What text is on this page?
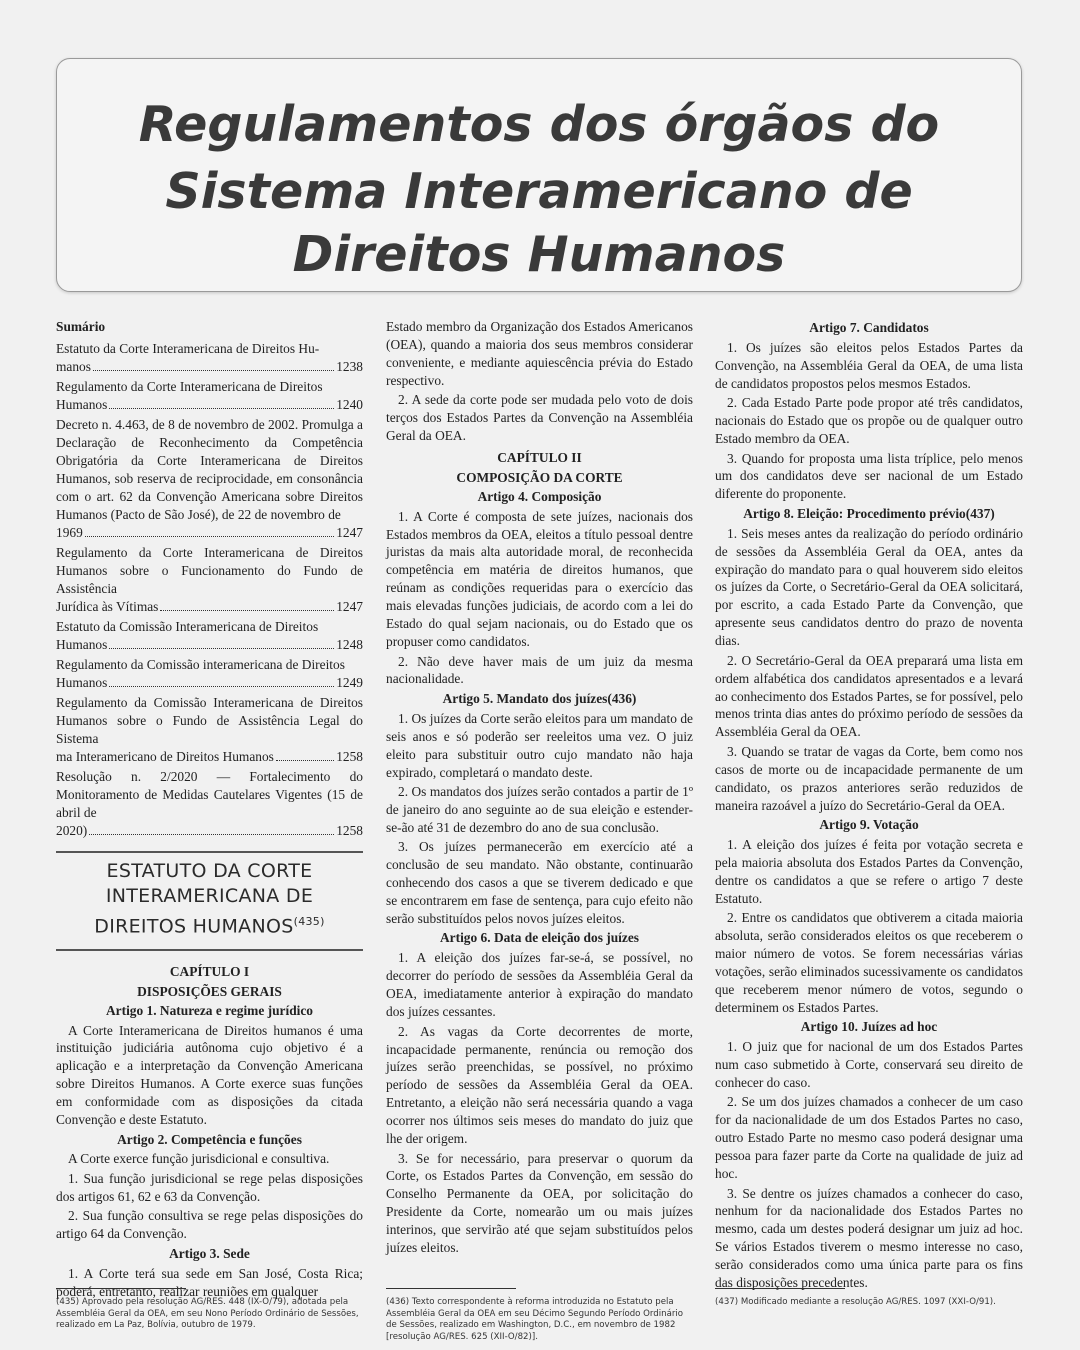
Regulamentos dos órgãos do
Sistema Interamericano de
Direitos Humanos
Sumário
Estatuto da Corte Interamericana de Direitos Hu-
manos	1238
Regulamento da Corte Interamericana de Direitos
Humanos	1240
Decreto n. 4.463, de 8 de novembro de 2002. Promulga a Declaração de Reconhecimento da Competência Obrigatória da Corte Interamericana de Direitos Humanos, sob reserva de reciprocidade, em consonância com o art. 62 da Convenção Americana sobre Direitos Humanos (Pacto de São José), de 22 de novembro de
1969	1247
Regulamento da Corte Interamericana de Direitos Humanos sobre o Funcionamento do Fundo de Assistência
Jurídica às Vítimas	1247
Estatuto da Comissão Interamericana de Direitos
Humanos	1248
Regulamento da Comissão interamericana de Direitos
Humanos	1249
Regulamento da Comissão Interamericana de Direitos Humanos sobre o Fundo de Assistência Legal do Sistema
ma Interamericano de Direitos Humanos	1258
Resolução n. 2/2020 — Fortalecimento do Monitoramento de Medidas Cautelares Vigentes (15 de abril de
2020)	1258
ESTATUTO DA CORTE
INTERAMERICANA DE
DIREITOS HUMANOS$^{(435)}$
CAPÍTULO I
DISPOSIÇÕES GERAIS
Artigo 1. Natureza e regime jurídico

A Corte Interamericana de Direitos humanos é uma instituição judiciária autônoma cujo objetivo é a aplicação e a interpretação da Convenção Americana sobre Direitos Humanos. A Corte exerce suas funções em conformidade com as disposições da citada Convenção e deste Estatuto.

Artigo 2. Competência e funções

A Corte exerce função jurisdicional e consultiva.

1. Sua função jurisdicional se rege pelas disposições dos artigos 61, 62 e 63 da Convenção.

2. Sua função consultiva se rege pelas disposições do artigo 64 da Convenção.

Artigo 3. Sede

1. A Corte terá sua sede em San José, Costa Rica; poderá, entretanto, realizar reuniões em qualquer

Estado membro da Organização dos Estados Americanos (OEA), quando a maioria dos seus membros considerar conveniente, e mediante aquiescência prévia do Estado respectivo.

2. A sede da corte pode ser mudada pelo voto de dois terços dos Estados Partes da Convenção na Assembléia Geral da OEA.

CAPÍTULO II
COMPOSIÇÃO DA CORTE
Artigo 4. Composição

1. A Corte é composta de sete juízes, nacionais dos Estados membros da OEA, eleitos a título pessoal dentre juristas da mais alta autoridade moral, de reconhecida competência em matéria de direitos humanos, que reúnam as condições requeridas para o exercício das mais elevadas funções judiciais, de acordo com a lei do Estado do qual sejam nacionais, ou do Estado que os propuser como candidatos.

2. Não deve haver mais de um juiz da mesma nacionalidade.

Artigo 5. Mandato dos juízes(436)

1. Os juízes da Corte serão eleitos para um mandato de seis anos e só poderão ser reeleitos uma vez. O juiz eleito para substituir outro cujo mandato não haja expirado, completará o mandato deste.

2. Os mandatos dos juízes serão contados a partir de 1º de janeiro do ano seguinte ao de sua eleição e estender-se-ão até 31 de dezembro do ano de sua conclusão.

3. Os juízes permanecerão em exercício até a conclusão de seu mandato. Não obstante, continuarão conhecendo dos casos a que se tiverem dedicado e que se encontrarem em fase de sentença, para cujo efeito não serão substituídos pelos novos juízes eleitos.

Artigo 6. Data de eleição dos juízes

1. A eleição dos juízes far-se-á, se possível, no decorrer do período de sessões da Assembléia Geral da OEA, imediatamente anterior à expiração do mandato dos juízes cessantes.

2. As vagas da Corte decorrentes de morte, incapacidade permanente, renúncia ou remoção dos juízes serão preenchidas, se possível, no próximo período de sessões da Assembléia Geral da OEA. Entretanto, a eleição não será necessária quando a vaga ocorrer nos últimos seis meses do mandato do juiz que lhe der origem.

3. Se for necessário, para preservar o quorum da Corte, os Estados Partes da Convenção, em sessão do Conselho Permanente da OEA, por solicitação do Presidente da Corte, nomearão um ou mais juízes interinos, que servirão até que sejam substituídos pelos juízes eleitos.

Artigo 7. Candidatos

1. Os juízes são eleitos pelos Estados Partes da Convenção, na Assembléia Geral da OEA, de uma lista de candidatos propostos pelos mesmos Estados.

2. Cada Estado Parte pode propor até três candidatos, nacionais do Estado que os propõe ou de qualquer outro Estado membro da OEA.

3. Quando for proposta uma lista tríplice, pelo menos um dos candidatos deve ser nacional de um Estado diferente do proponente.

Artigo 8. Eleição: Procedimento prévio(437)

1. Seis meses antes da realização do período ordinário de sessões da Assembléia Geral da OEA, antes da expiração do mandato para o qual houverem sido eleitos os juízes da Corte, o Secretário-Geral da OEA solicitará, por escrito, a cada Estado Parte da Convenção, que apresente seus candidatos dentro do prazo de noventa dias.

2. O Secretário-Geral da OEA preparará uma lista em ordem alfabética dos candidatos apresentados e a levará ao conhecimento dos Estados Partes, se for possível, pelo menos trinta dias antes do próximo período de sessões da Assembléia Geral da OEA.

3. Quando se tratar de vagas da Corte, bem como nos casos de morte ou de incapacidade permanente de um candidato, os prazos anteriores serão reduzidos de maneira razoável a juízo do Secretário-Geral da OEA.

Artigo 9. Votação

1. A eleição dos juízes é feita por votação secreta e pela maioria absoluta dos Estados Partes da Convenção, dentre os candidatos a que se refere o artigo 7 deste Estatuto.

2. Entre os candidatos que obtiverem a citada maioria absoluta, serão considerados eleitos os que receberem o maior número de votos. Se forem necessárias várias votações, serão eliminados sucessivamente os candidatos que receberem menor número de votos, segundo o determinem os Estados Partes.

Artigo 10. Juízes ad hoc

1. O juiz que for nacional de um dos Estados Partes num caso submetido à Corte, conservará seu direito de conhecer do caso.

2. Se um dos juízes chamados a conhecer de um caso for da nacionalidade de um dos Estados Partes no caso, outro Estado Parte no mesmo caso poderá designar uma pessoa para fazer parte da Corte na qualidade de juiz ad hoc.

3. Se dentre os juízes chamados a conhecer do caso, nenhum for da nacionalidade dos Estados Partes no mesmo, cada um destes poderá designar um juiz ad hoc. Se vários Estados tiverem o mesmo interesse no caso, serão considerados como uma única parte para os fins das disposições precedentes.

(435) Aprovado pela resolução AG/RES. 448 (IX-O/79), adotada pela Assembléia Geral da OEA, em seu Nono Período Ordinário de Sessões, realizado em La Paz, Bolívia, outubro de 1979.
(436) Texto correspondente à reforma introduzida no Estatuto pela Assembléia Geral da OEA em seu Décimo Segundo Período Ordinário de Sessões, realizado em Washington, D.C., em novembro de 1982 [resolução AG/RES. 625 (XII-O/82)].
(437) Modificado mediante a resolução AG/RES. 1097 (XXI-O/91).
